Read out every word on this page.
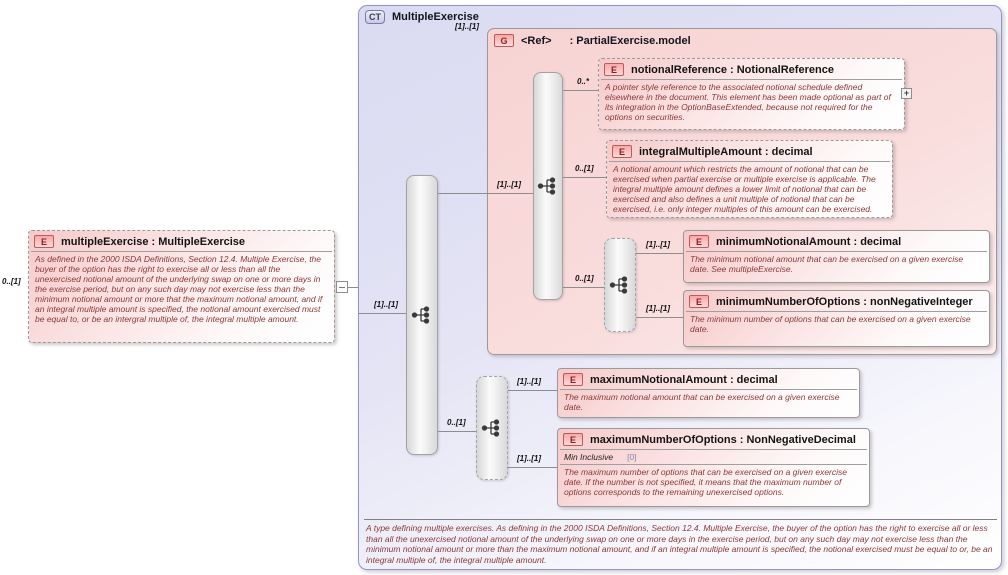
0..[1]
E	multipleExercise : MultipleExercise
As defined in the 2000 ISDA Definitions, Section 12.4. Multiple Exercise, the buyer of the option has the right to exercise all or less than all the unexercised notional amount of the underlying swap on one or more days in the exercise period, but on any such day may not exercise less than the minimum notional amount or more that the maximum notional amount, and if an integral multiple amount is specified, the notional amount exercised must be equal to, or be an intergral multiple of, the integral multiple amount.
CT	MultipleExercise
[1]..[1]
[1]..[1]
G	<Ref> : PartialExercise.model
[1]..[1]
0..*
0..[1]
0..[1]
[1]..[1]
[1]..[1]
0..[1]
[1]..[1]
[1]..[1]
E	notionalReference : NotionalReference
A pointer style reference to the associated notional schedule defined elsewhere in the document. This element has been made optional as part of its integration in the OptionBaseExtended, because not required for the options on securities.
+
E	integralMultipleAmount : decimal
A notional amount which restricts the amount of notional that can be exercised when partial exercise or multiple exercise is applicable. The integral multiple amount defines a lower limit of notional that can be exercised and also defines a unit multiple of notional that can be exercised, i.e. only integer multiples of this amount can be exercised.
E	minimumNotionalAmount : decimal
The minimum notional amount that can be exercised on a given exercise date. See multipleExercise.
E	minimumNumberOfOptions : nonNegativeInteger
The minimum number of options that can be exercised on a given exercise date.
E	maximumNotionalAmount : decimal
The maximum notional amount that can be exercised on a given exercise date.
E	maximumNumberOfOptions : NonNegativeDecimal
Min Inclusive [0]
The maximum number of options that can be exercised on a given exercise date. If the number is not specified, it means that the maximum number of options corresponds to the remaining unexercised options.
A type defining multiple exercises. As defining in the 2000 ISDA Definitions, Section 12.4. Multiple Exercise, the buyer of the option has the right to exercise all or less than all the unexercised notional amount of the underlying swap on one or more days in the exercise period, but on any such day may not exercise less than the minimum notional amount or more than the maximum notional amount, and if an integral multiple amount is specified, the notional exercised must be equal to or, be an integral multiple of, the integral multiple amount.
